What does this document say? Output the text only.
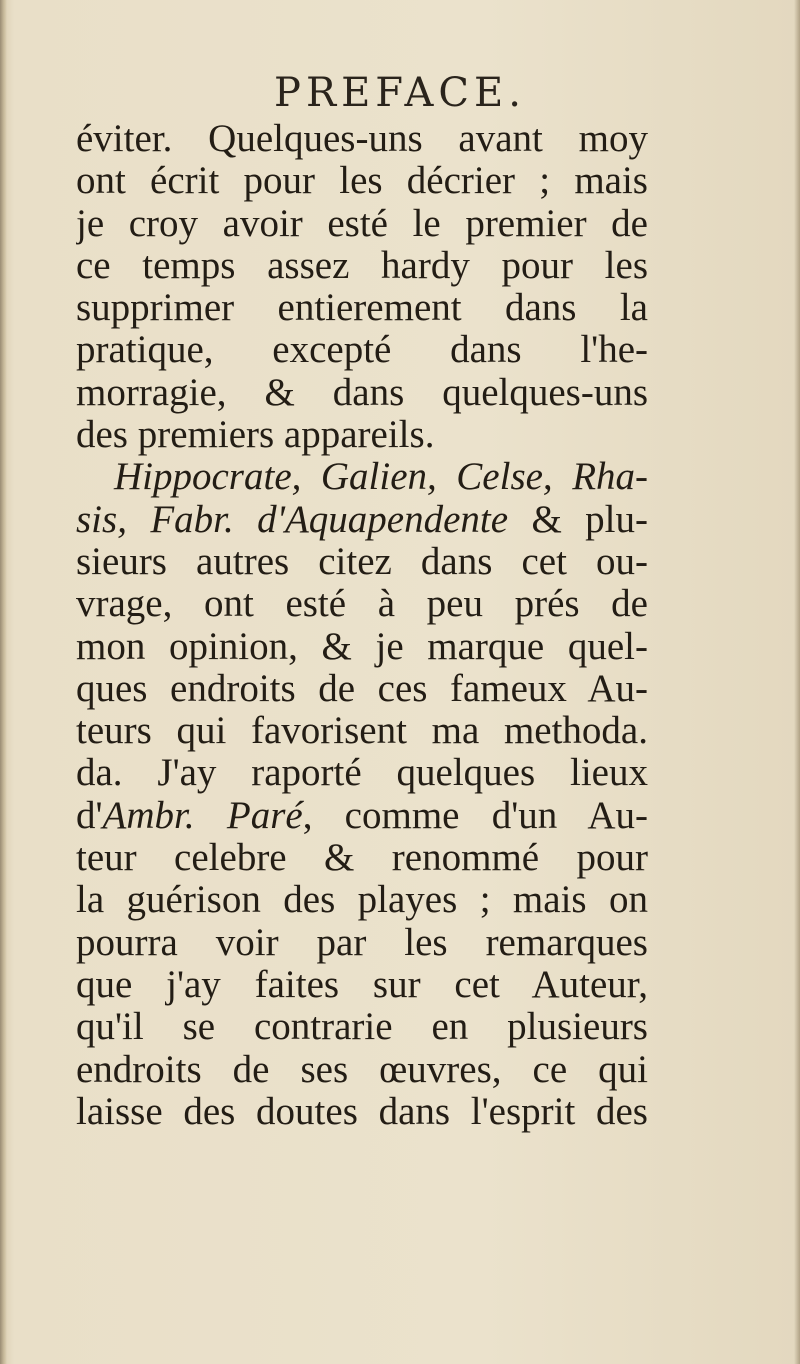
PREFACE.
éviter. Quelques-uns avant moy
ont écrit pour les décrier ; mais
je croy avoir esté le premier de
ce temps assez hardy pour les
supprimer entierement dans la
pratique, excepté dans l'he-
morragie, & dans quelques-uns
des premiers appareils.
Hippocrate, Galien, Celse, Rha-
sis, Fabr. d'Aquapendente & plu-
sieurs autres citez dans cet ou-
vrage, ont esté à peu prés de
mon opinion, & je marque quel-
ques endroits de ces fameux Au-
teurs qui favorisent ma methoda.
da. J'ay raporté quelques lieux
d'Ambr. Paré, comme d'un Au-
teur celebre & renommé pour
la guérison des playes ; mais on
pourra voir par les remarques
que j'ay faites sur cet Auteur,
qu'il se contrarie en plusieurs
endroits de ses œuvres, ce qui
laisse des doutes dans l'esprit des
